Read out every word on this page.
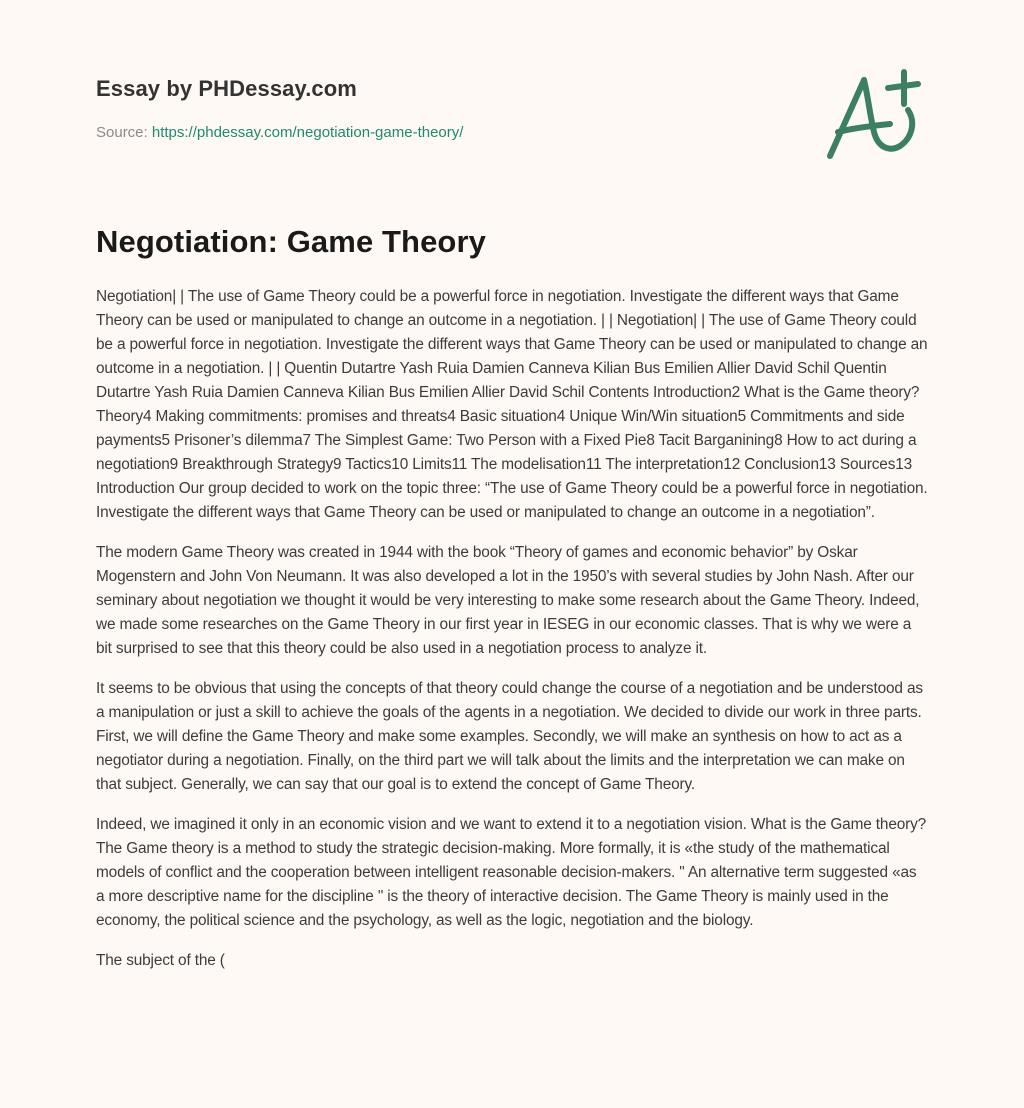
Essay by PHDessay.com
Source: https://phdessay.com/negotiation-game-theory/
Negotiation: Game Theory

Negotiation| | The use of Game Theory could be a powerful force in negotiation. Investigate the different ways that Game Theory can be used or manipulated to change an outcome in a negotiation. | | Negotiation| | The use of Game Theory could be a powerful force in negotiation. Investigate the different ways that Game Theory can be used or manipulated to change an outcome in a negotiation. | | Quentin Dutartre Yash Ruia Damien Canneva Kilian Bus Emilien Allier David Schil Quentin Dutartre Yash Ruia Damien Canneva Kilian Bus Emilien Allier David Schil Contents Introduction2 What is the Game theory? Theory4 Making commitments: promises and threats4 Basic situation4 Unique Win/Win situation5 Commitments and side payments5 Prisoner’s dilemma7 The Simplest Game: Two Person with a Fixed Pie8 Tacit Barganining8 How to act during a negotiation9 Breakthrough Strategy9 Tactics10 Limits11 The modelisation11 The interpretation12 Conclusion13 Sources13 Introduction Our group decided to work on the topic three: “The use of Game Theory could be a powerful force in negotiation. Investigate the different ways that Game Theory can be used or manipulated to change an outcome in a negotiation”.

The modern Game Theory was created in 1944 with the book “Theory of games and economic behavior” by Oskar Mogenstern and John Von Neumann. It was also developed a lot in the 1950’s with several studies by John Nash. After our seminary about negotiation we thought it would be very interesting to make some research about the Game Theory. Indeed, we made some researches on the Game Theory in our first year in IESEG in our economic classes. That is why we were a bit surprised to see that this theory could be also used in a negotiation process to analyze it.

It seems to be obvious that using the concepts of that theory could change the course of a negotiation and be understood as a manipulation or just a skill to achieve the goals of the agents in a negotiation. We decided to divide our work in three parts. First, we will define the Game Theory and make some examples. Secondly, we will make an synthesis on how to act as a negotiator during a negotiation. Finally, on the third part we will talk about the limits and the interpretation we can make on that subject. Generally, we can say that our goal is to extend the concept of Game Theory.

Indeed, we imagined it only in an economic vision and we want to extend it to a negotiation vision. What is the Game theory? The Game theory is a method to study the strategic decision-making. More formally, it is «the study of the mathematical models of conflict and the cooperation between intelligent reasonable decision-makers. " An alternative term suggested «as a more descriptive name for the discipline " is the theory of interactive decision. The Game Theory is mainly used in the economy, the political science and the psychology, as well as the logic, negotiation and the biology.

The subject of the (
